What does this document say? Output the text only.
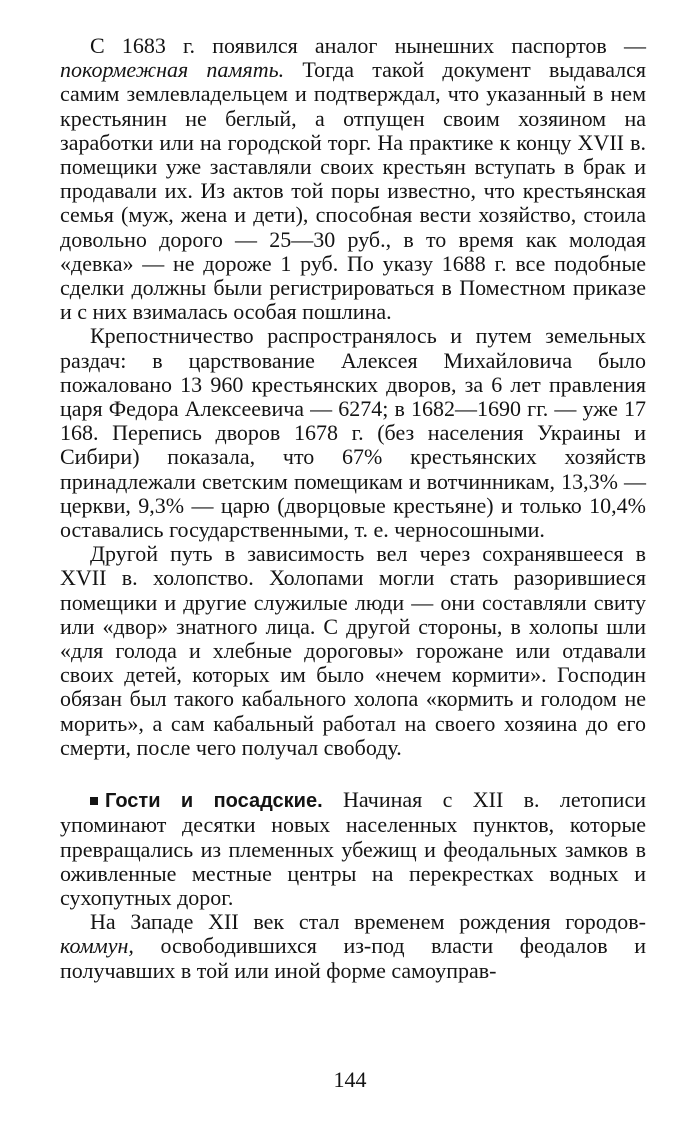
С 1683 г. появился аналог нынешних паспортов — покормежная память. Тогда такой документ выдавался самим землевладельцем и подтверждал, что указанный в нем крестьянин не беглый, а отпущен своим хозяином на заработки или на городской торг. На практике к концу XVII в. помещики уже заставляли своих крестьян вступать в брак и продавали их. Из актов той поры известно, что крестьянская семья (муж, жена и дети), способная вести хозяйство, стоила довольно дорого — 25—30 руб., в то время как молодая «девка» — не дороже 1 руб. По указу 1688 г. все подобные сделки должны были регистрироваться в Поместном приказе и с них взималась особая пошлина.

Крепостничество распространялось и путем земельных раздач: в царствование Алексея Михайловича было пожаловано 13 960 крестьянских дворов, за 6 лет правления царя Федора Алексеевича — 6274; в 1682—1690 гг. — уже 17 168. Перепись дворов 1678 г. (без населения Украины и Сибири) показала, что 67% крестьянских хозяйств принадлежали светским помещикам и вотчинникам, 13,3% — церкви, 9,3% — царю (дворцовые крестьяне) и только 10,4% оставались государственными, т. е. черносошными.

Другой путь в зависимость вел через сохранявшееся в XVII в. холопство. Холопами могли стать разорившиеся помещики и другие служилые люди — они составляли свиту или «двор» знатного лица. С другой стороны, в холопы шли «для голода и хлебные дороговы» горожане или отдавали своих детей, которых им было «нечем кормити». Господин обязан был такого кабального холопа «кормить и голодом не морить», а сам кабальный работал на своего хозяина до его смерти, после чего получал свободу.

Гости и посадские. Начиная с XII в. летописи упоминают десятки новых населенных пунктов, которые превращались из племенных убежищ и феодальных замков в оживленные местные центры на перекрестках водных и сухопутных дорог.

На Западе XII век стал временем рождения городов-коммун, освободившихся из-под власти феодалов и получавших в той или иной форме самоуправ-

144
